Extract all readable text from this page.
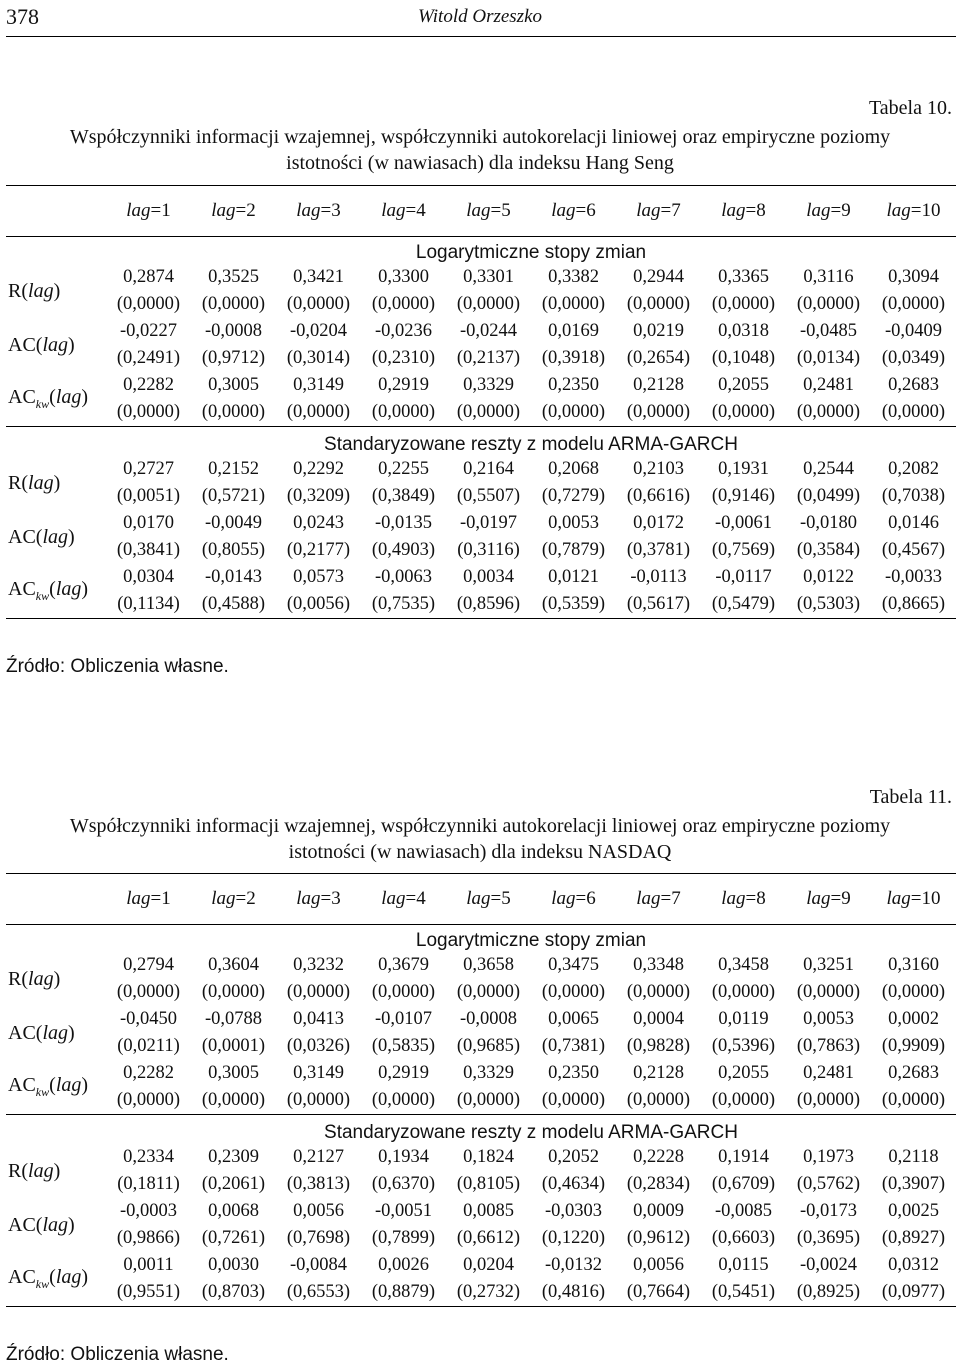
378	Witold Orzeszko
Tabela 10.
Współczynniki informacji wzajemnej, współczynniki autokorelacji liniowej oraz empiryczne poziomy
istotności (w nawiasach) dla indeksu Hang Seng
	lag=1	lag=2	lag=3	lag=4	lag=5	lag=6	lag=7	lag=8	lag=9	lag=10
Logarytmiczne stopy zmian										
R(lag)	0,2874	0,3525	0,3421	0,3300	0,3301	0,3382	0,2944	0,3365	0,3116	0,3094
	(0,0000)	(0,0000)	(0,0000)	(0,0000)	(0,0000)	(0,0000)	(0,0000)	(0,0000)	(0,0000)	(0,0000)
AC(lag)	-0,0227	-0,0008	-0,0204	-0,0236	-0,0244	0,0169	0,0219	0,0318	-0,0485	-0,0409
	(0,2491)	(0,9712)	(0,3014)	(0,2310)	(0,2137)	(0,3918)	(0,2654)	(0,1048)	(0,0134)	(0,0349)
$AC_{kw}(lag)$	0,2282	0,3005	0,3149	0,2919	0,3329	0,2350	0,2128	0,2055	0,2481	0,2683
	(0,0000)	(0,0000)	(0,0000)	(0,0000)	(0,0000)	(0,0000)	(0,0000)	(0,0000)	(0,0000)	(0,0000)
Standaryzowane reszty z modelu ARMA-GARCH										
R(lag)	0,2727	0,2152	0,2292	0,2255	0,2164	0,2068	0,2103	0,1931	0,2544	0,2082
	(0,0051)	(0,5721)	(0,3209)	(0,3849)	(0,5507)	(0,7279)	(0,6616)	(0,9146)	(0,0499)	(0,7038)
AC(lag)	0,0170	-0,0049	0,0243	-0,0135	-0,0197	0,0053	0,0172	-0,0061	-0,0180	0,0146
	(0,3841)	(0,8055)	(0,2177)	(0,4903)	(0,3116)	(0,7879)	(0,3781)	(0,7569)	(0,3584)	(0,4567)
$AC_{kw}(lag)$	0,0304	-0,0143	0,0573	-0,0063	0,0034	0,0121	-0,0113	-0,0117	0,0122	-0,0033
	(0,1134)	(0,4588)	(0,0056)	(0,7535)	(0,8596)	(0,5359)	(0,5617)	(0,5479)	(0,5303)	(0,8665)

Źródło: Obliczenia własne.
Tabela 11.
Współczynniki informacji wzajemnej, współczynniki autokorelacji liniowej oraz empiryczne poziomy
istotności (w nawiasach) dla indeksu NASDAQ
	lag=1	lag=2	lag=3	lag=4	lag=5	lag=6	lag=7	lag=8	lag=9	lag=10
Logarytmiczne stopy zmian										
R(lag)	0,2794	0,3604	0,3232	0,3679	0,3658	0,3475	0,3348	0,3458	0,3251	0,3160
	(0,0000)	(0,0000)	(0,0000)	(0,0000)	(0,0000)	(0,0000)	(0,0000)	(0,0000)	(0,0000)	(0,0000)
AC(lag)	-0,0450	-0,0788	0,0413	-0,0107	-0,0008	0,0065	0,0004	0,0119	0,0053	0,0002
	(0,0211)	(0,0001)	(0,0326)	(0,5835)	(0,9685)	(0,7381)	(0,9828)	(0,5396)	(0,7863)	(0,9909)
$AC_{kw}(lag)$	0,2282	0,3005	0,3149	0,2919	0,3329	0,2350	0,2128	0,2055	0,2481	0,2683
	(0,0000)	(0,0000)	(0,0000)	(0,0000)	(0,0000)	(0,0000)	(0,0000)	(0,0000)	(0,0000)	(0,0000)
Standaryzowane reszty z modelu ARMA-GARCH										
R(lag)	0,2334	0,2309	0,2127	0,1934	0,1824	0,2052	0,2228	0,1914	0,1973	0,2118
	(0,1811)	(0,2061)	(0,3813)	(0,6370)	(0,8105)	(0,4634)	(0,2834)	(0,6709)	(0,5762)	(0,3907)
AC(lag)	-0,0003	0,0068	0,0056	-0,0051	0,0085	-0,0303	0,0009	-0,0085	-0,0173	0,0025
	(0,9866)	(0,7261)	(0,7698)	(0,7899)	(0,6612)	(0,1220)	(0,9612)	(0,6603)	(0,3695)	(0,8927)
$AC_{kw}(lag)$	0,0011	0,0030	-0,0084	0,0026	0,0204	-0,0132	0,0056	0,0115	-0,0024	0,0312
	(0,9551)	(0,8703)	(0,6553)	(0,8879)	(0,2732)	(0,4816)	(0,7664)	(0,5451)	(0,8925)	(0,0977)

Źródło: Obliczenia własne.
